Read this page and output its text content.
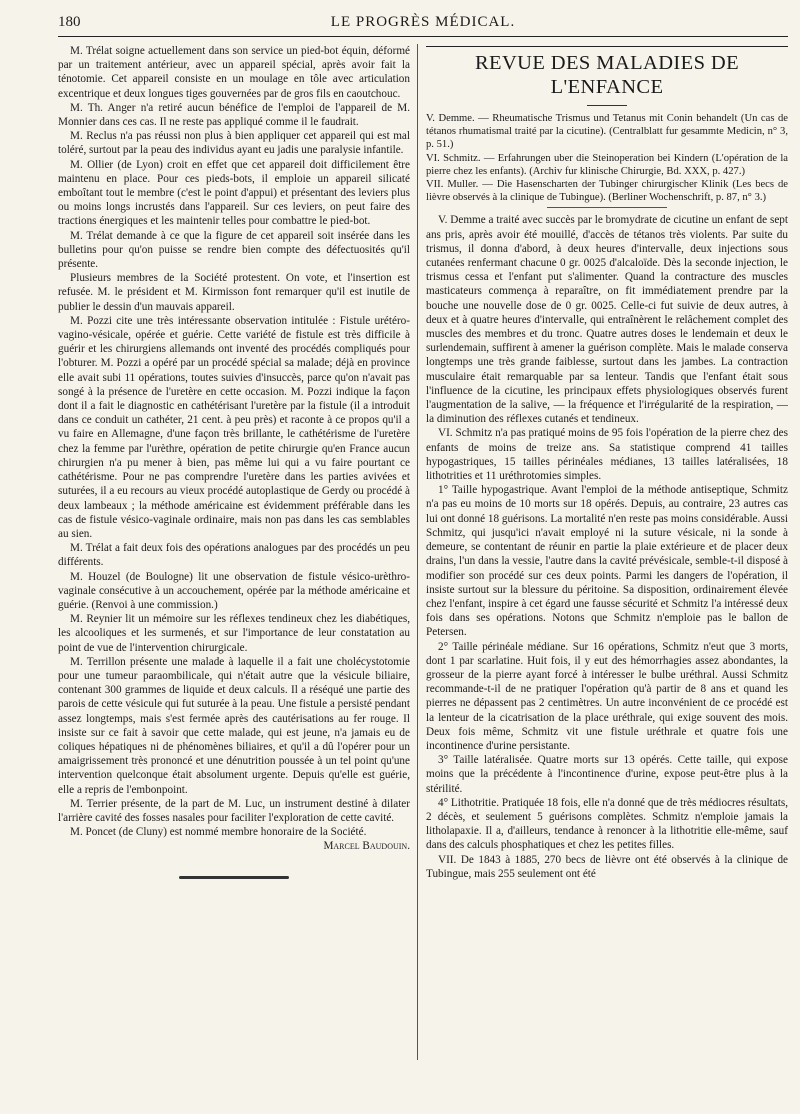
180	LE PROGRÈS MÉDICAL.

M. Trélat soigne actuellement dans son service un pied-bot équin, déformé par un traitement antérieur, avec un appareil spécial, après avoir fait la ténotomie. Cet appareil consiste en un moulage en tôle avec articulation excentrique et deux longues tiges gouvernées par de gros fils en caoutchouc.

M. Th. Anger n'a retiré aucun bénéfice de l'emploi de l'appareil de M. Monnier dans ces cas. Il ne reste pas appliqué comme il le faudrait.

M. Reclus n'a pas réussi non plus à bien appliquer cet appareil qui est mal toléré, surtout par la peau des individus ayant eu jadis une paralysie infantile.

M. Ollier (de Lyon) croit en effet que cet appareil doit difficilement être maintenu en place. Pour ces pieds-bots, il emploie un appareil silicaté emboîtant tout le membre (c'est le point d'appui) et présentant des leviers plus ou moins longs incrustés dans l'appareil. Sur ces leviers, on peut faire des tractions énergiques et les maintenir telles pour combattre le pied-bot.

M. Trélat demande à ce que la figure de cet appareil soit insérée dans les bulletins pour qu'on puisse se rendre bien compte des défectuosités qu'il présente.

Plusieurs membres de la Société protestent. On vote, et l'insertion est refusée. M. le président et M. Kirmisson font remarquer qu'il est inutile de publier le dessin d'un mauvais appareil.

M. Pozzi cite une très intéressante observation intitulée : Fistule urétéro-vagino-vésicale, opérée et guérie. Cette variété de fistule est très difficile à guérir et les chirurgiens allemands ont inventé des procédés compliqués pour l'obturer. M. Pozzi a opéré par un procédé spécial sa malade; déjà en province elle avait subi 11 opérations, toutes suivies d'insuccès, parce qu'on n'avait pas songé à la présence de l'uretère en cette occasion. M. Pozzi indique la façon dont il a fait le diagnostic en cathétérisant l'uretère par la fistule (il a introduit dans ce conduit un cathéter, 21 cent. à peu près) et raconte à ce propos qu'il a vu faire en Allemagne, d'une façon très brillante, le cathétérisme de l'uretère chez la femme par l'urèthre, opération de petite chirurgie qu'en France aucun chirurgien n'a pu mener à bien, pas même lui qui a vu faire pourtant ce cathétérisme. Pour ne pas comprendre l'uretère dans les parties avivées et suturées, il a eu recours au vieux procédé autoplastique de Gerdy ou procédé à deux lambeaux ; la méthode américaine est évidemment préférable dans les cas de fistule vésico-vaginale ordinaire, mais non pas dans les cas semblables au sien.

M. Trélat a fait deux fois des opérations analogues par des procédés un peu différents.

M. Houzel (de Boulogne) lit une observation de fistule vésico-urèthro-vaginale consécutive à un accouchement, opérée par la méthode américaine et guérie. (Renvoi à une commission.)

M. Reynier lit un mémoire sur les réflexes tendineux chez les diabétiques, les alcooliques et les surmenés, et sur l'importance de leur constatation au point de vue de l'intervention chirurgicale.

M. Terrillon présente une malade à laquelle il a fait une cholécystotomie pour une tumeur paraombilicale, qui n'était autre que la vésicule biliaire, contenant 300 grammes de liquide et deux calculs. Il a réséqué une partie des parois de cette vésicule qui fut suturée à la peau. Une fistule a persisté pendant assez longtemps, mais s'est fermée après des cautérisations au fer rouge. Il insiste sur ce fait à savoir que cette malade, qui est jeune, n'a jamais eu de coliques hépatiques ni de phénomènes biliaires, et qu'il a dû l'opérer pour un amaigrissement très prononcé et une dénutrition poussée à un tel point qu'une intervention quelconque était absolument urgente. Depuis qu'elle est guérie, elle a repris de l'embonpoint.

M. Terrier présente, de la part de M. Luc, un instrument destiné à dilater l'arrière cavité des fosses nasales pour faciliter l'exploration de cette cavité.

M. Poncet (de Cluny) est nommé membre honoraire de la Société.

Marcel Baudouin.

REVUE DES MALADIES DE L'ENFANCE

V. Demme. — Rheumatische Trismus und Tetanus mit Conin behandelt (Un cas de tétanos rhumatismal traité par la cicutine). (Centralblatt fur gesammte Medicin, n° 3, p. 51.)

VI. Schmitz. — Erfahrungen uber die Steinoperation bei Kindern (L'opération de la pierre chez les enfants). (Archiv fur klinische Chirurgie, Bd. XXX, p. 427.)

VII. Muller. — Die Hasenscharten der Tubinger chirurgischer Klinik (Les becs de lièvre observés à la clinique de Tubingue). (Berliner Wochenschrift, p. 87, n° 3.)

V. Demme a traité avec succès par le bromydrate de cicutine un enfant de sept ans pris, après avoir été mouillé, d'accès de tétanos très violents. Par suite du trismus, il donna d'abord, à deux heures d'intervalle, deux injections sous cutanées renfermant chacune 0 gr. 0025 d'alcaloïde. Dès la seconde injection, le trismus cessa et l'enfant put s'alimenter. Quand la contracture des muscles masticateurs commença à reparaître, on fit immédiatement prendre par la bouche une nouvelle dose de 0 gr. 0025. Celle-ci fut suivie de deux autres, à deux et à quatre heures d'intervalle, qui entraînèrent le relâchement complet des muscles des membres et du tronc. Quatre autres doses le lendemain et deux le surlendemain, suffirent à amener la guérison complète. Mais le malade conserva longtemps une très grande faiblesse, surtout dans les jambes. La contraction musculaire était remarquable par sa lenteur. Tandis que l'enfant était sous l'influence de la cicutine, les principaux effets physiologiques observés furent l'augmentation de la salive, — la fréquence et l'irrégularité de la respiration, — la diminution des réflexes cutanés et tendineux.

VI. Schmitz n'a pas pratiqué moins de 95 fois l'opération de la pierre chez des enfants de moins de treize ans. Sa statistique comprend 41 tailles hypogastriques, 15 tailles périnéales médianes, 13 tailles latéralisées, 18 lithotrities et 11 uréthrotomies simples.

1° Taille hypogastrique. Avant l'emploi de la méthode antiseptique, Schmitz n'a pas eu moins de 10 morts sur 18 opérés. Depuis, au contraire, 23 autres cas lui ont donné 18 guérisons. La mortalité n'en reste pas moins considérable. Aussi Schmitz, qui jusqu'ici n'avait employé ni la suture vésicale, ni la sonde à demeure, se contentant de réunir en partie la plaie extérieure et de placer deux drains, l'un dans la vessie, l'autre dans la cavité prévésicale, semble-t-il disposé à modifier son procédé sur ces deux points. Parmi les dangers de l'opération, il insiste surtout sur la blessure du péritoine. Sa disposition, ordinairement élevée chez l'enfant, inspire à cet égard une fausse sécurité et Schmitz l'a intéressé deux fois dans ses opérations. Notons que Schmitz n'emploie pas le ballon de Petersen.

2° Taille périnéale médiane. Sur 16 opérations, Schmitz n'eut que 3 morts, dont 1 par scarlatine. Huit fois, il y eut des hémorrhagies assez abondantes, la grosseur de la pierre ayant forcé à intéresser le bulbe uréthral. Aussi Schmitz recommande-t-il de ne pratiquer l'opération qu'à partir de 8 ans et quand les pierres ne dépassent pas 2 centimètres. Un autre inconvénient de ce procédé est la lenteur de la cicatrisation de la place uréthrale, qui exige souvent des mois. Deux fois même, Schmitz vit une fistule uréthrale et quatre fois une incontinence d'urine persistante.

3° Taille latéralisée. Quatre morts sur 13 opérés. Cette taille, qui expose moins que la précédente à l'incontinence d'urine, expose peut-être plus à la stérilité.

4° Lithotritie. Pratiquée 18 fois, elle n'a donné que de très médiocres résultats, 2 décès, et seulement 5 guérisons complètes. Schmitz n'emploie jamais la litholapaxie. Il a, d'ailleurs, tendance à renoncer à la lithotritie elle-même, sauf dans des calculs phosphatiques et chez les petites filles.

VII. De 1843 à 1885, 270 becs de lièvre ont été observés à la clinique de Tubingue, mais 255 seulement ont été
